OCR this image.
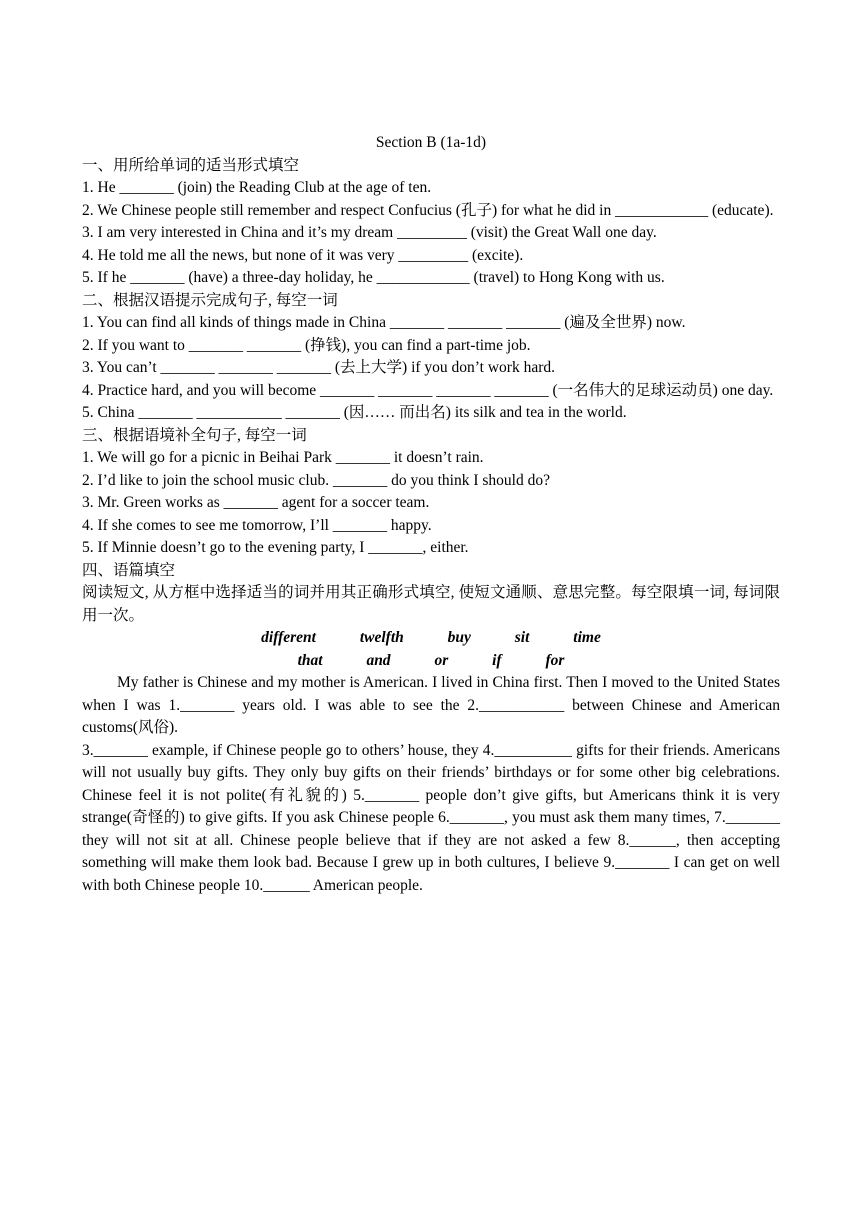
Section B (1a-1d)

一、用所给单词的适当形式填空

1. He _______ (join) the Reading Club at the age of ten.

2. We Chinese people still remember and respect Confucius (孔子) for what he did in ____________ (educate).

3. I am very interested in China and it’s my dream _________ (visit) the Great Wall one day.

4. He told me all the news, but none of it was very _________ (excite).

5. If he _______ (have) a three-day holiday, he ____________ (travel) to Hong Kong with us.

二、根据汉语提示完成句子, 每空一词

1. You can find all kinds of things made in China _______ _______ _______ (遍及全世界) now.

2. If you want to _______ _______ (挣钱), you can find a part-time job.

3. You can’t _______ _______ _______ (去上大学) if you don’t work hard.

4. Practice hard, and you will become _______ _______ _______ _______ (一名伟大的足球运动员) one day.

5. China _______ ___________ _______ (因…… 而出名) its silk and tea in the world.

三、根据语境补全句子, 每空一词

1. We will go for a picnic in Beihai Park _______ it doesn’t rain.

2. I’d like to join the school music club. _______ do you think I should do?

3. Mr. Green works as _______ agent for a soccer team.

4. If she comes to see me tomorrow, I’ll _______ happy.

5. If Minnie doesn’t go to the evening party, I _______, either.

四、语篇填空

阅读短文, 从方框中选择适当的词并用其正确形式填空, 使短文通顺、意思完整。每空限填一词, 每词限用一次。

different	twelfth	buy	sit	time

that	and	or	if	for

My father is Chinese and my mother is American. I lived in China first. Then I moved to the United States when I was 1._______ years old. I was able to see the 2.___________ between Chinese and American customs(风俗).

3._______ example, if Chinese people go to others’ house, they 4.__________ gifts for their friends. Americans will not usually buy gifts. They only buy gifts on their friends’ birthdays or for some other big celebrations. Chinese feel it is not polite(有礼貌的) 5._______ people don’t give gifts, but Americans think it is very strange(奇怪的) to give gifts. If you ask Chinese people 6._______, you must ask them many times, 7._______ they will not sit at all. Chinese people believe that if they are not asked a few 8.______, then accepting something will make them look bad. Because I grew up in both cultures, I believe 9._______ I can get on well with both Chinese people 10.______ American people.
